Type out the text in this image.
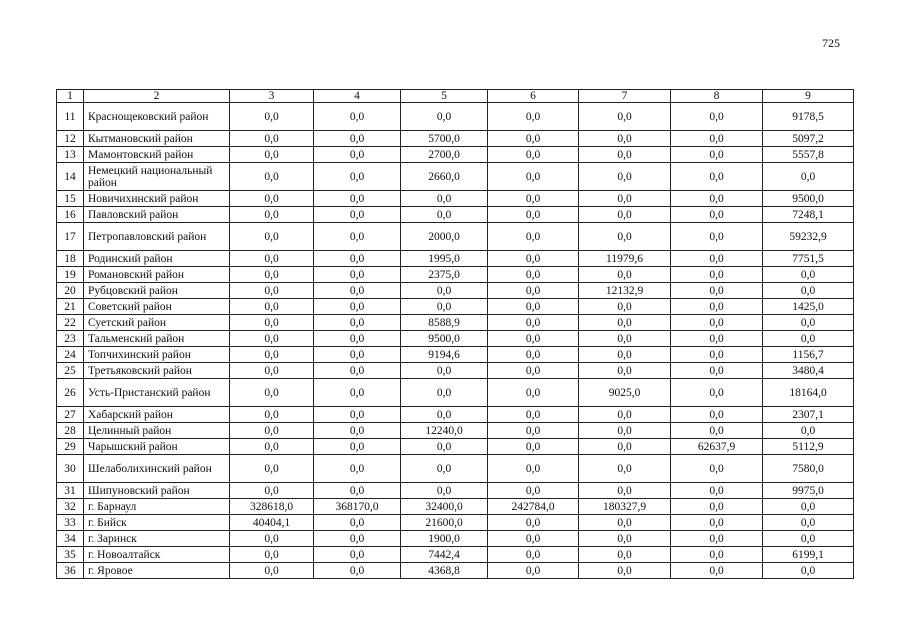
725
1	2	3	4	5	6	7	8	9
11	Краснощековский район	0,0	0,0	0,0	0,0	0,0	0,0	9178,5
12	Кытмановский район	0,0	0,0	5700,0	0,0	0,0	0,0	5097,2
13	Мамонтовский район	0,0	0,0	2700,0	0,0	0,0	0,0	5557,8
14	Немецкий национальный район	0,0	0,0	2660,0	0,0	0,0	0,0	0,0
15	Новичихинский район	0,0	0,0	0,0	0,0	0,0	0,0	9500,0
16	Павловский район	0,0	0,0	0,0	0,0	0,0	0,0	7248,1
17	Петропавловский район	0,0	0,0	2000,0	0,0	0,0	0,0	59232,9
18	Родинский район	0,0	0,0	1995,0	0,0	11979,6	0,0	7751,5
19	Романовский район	0,0	0,0	2375,0	0,0	0,0	0,0	0,0
20	Рубцовский район	0,0	0,0	0,0	0,0	12132,9	0,0	0,0
21	Советский район	0,0	0,0	0,0	0,0	0,0	0,0	1425,0
22	Суетский район	0,0	0,0	8588,9	0,0	0,0	0,0	0,0
23	Тальменский район	0,0	0,0	9500,0	0,0	0,0	0,0	0,0
24	Топчихинский район	0,0	0,0	9194,6	0,0	0,0	0,0	1156,7
25	Третьяковский район	0,0	0,0	0,0	0,0	0,0	0,0	3480,4
26	Усть-Пристанский район	0,0	0,0	0,0	0,0	9025,0	0,0	18164,0
27	Хабарский район	0,0	0,0	0,0	0,0	0,0	0,0	2307,1
28	Целинный район	0,0	0,0	12240,0	0,0	0,0	0,0	0,0
29	Чарышский район	0,0	0,0	0,0	0,0	0,0	62637,9	5112,9
30	Шелаболихинский район	0,0	0,0	0,0	0,0	0,0	0,0	7580,0
31	Шипуновский район	0,0	0,0	0,0	0,0	0,0	0,0	9975,0
32	г. Барнаул	328618,0	368170,0	32400,0	242784,0	180327,9	0,0	0,0
33	г. Бийск	40404,1	0,0	21600,0	0,0	0,0	0,0	0,0
34	г. Заринск	0,0	0,0	1900,0	0,0	0,0	0,0	0,0
35	г. Новоалтайск	0,0	0,0	7442,4	0,0	0,0	0,0	6199,1
36	г. Яровое	0,0	0,0	4368,8	0,0	0,0	0,0	0,0
